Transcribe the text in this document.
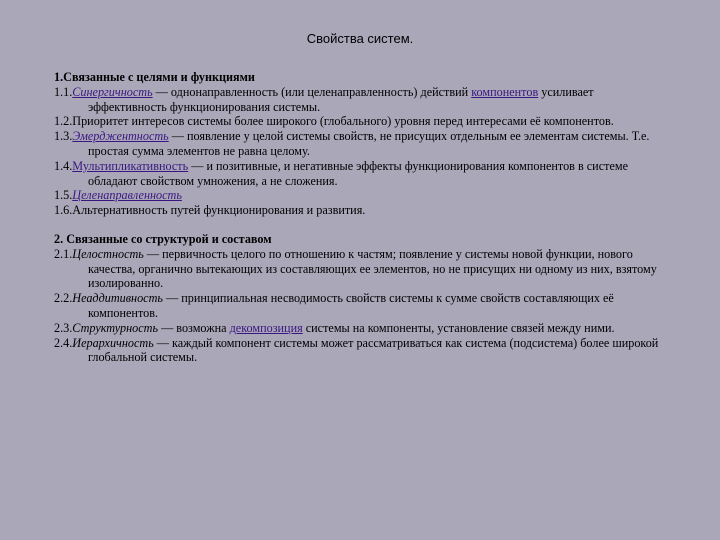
Свойства систем.
1.Связанные с целями и функциями
1.1.Синергичность — однонаправленность (или целенаправленность) действий компонентов усиливает эффективность функционирования системы.
1.2.Приоритет интересов системы более широкого (глобального) уровня перед интересами её компонентов.
1.3.Эмерджентность — появление у целой системы свойств, не присущих отдельным ее элементам системы. Т.е. простая сумма элементов не равна целому.
1.4.Мультипликативность — и позитивные, и негативные эффекты функционирования компонентов в системе обладают свойством умножения, а не сложения.
1.5.Целенаправленность
1.6.Альтернативность путей функционирования и развития.
2. Связанные со структурой и составом
2.1.Целостность — первичность целого по отношению к частям; появление у системы новой функции, нового качества, органично вытекающих из составляющих ее элементов, но не присущих ни одному из них, взятому изолированно.
2.2.Неаддитивность — принципиальная несводимость свойств системы к сумме свойств составляющих её компонентов.
2.3.Структурность — возможна декомпозиция системы на компоненты, установление связей между ними.
2.4.Иерархичность — каждый компонент системы может рассматриваться как система (подсистема) более широкой глобальной системы.
